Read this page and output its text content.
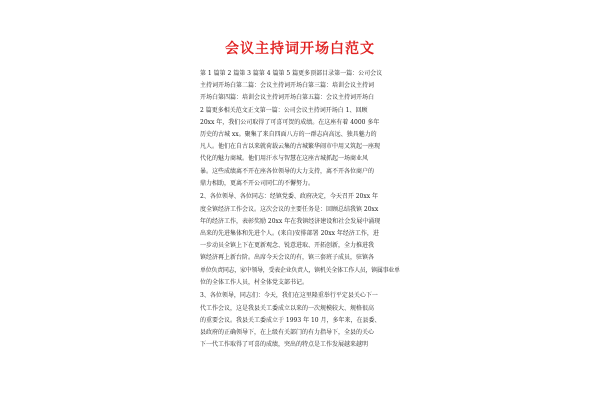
会议主持词开场白范文
第 1 篇第 2 篇第 3 篇第 4 篇第 5 篇更多顶部目录第一篇：公司会议
主持词开场白第二篇：会议主持词开场白第三篇：培训会议主持词
开场白第四篇：培训会议主持词开场白第五篇：会议主持词开场白
2 篇更多相关范文正文第一篇：公司会议主持词开场白 1、回顾
20xx 年，我们公司取得了可喜可贺的成绩。在这座有着 4000 多年
历史的古城 xx。聚集了来自四面八方的一群志向高远、独具魅力的
凡人。他们在自古以来就荷载云集的古城繁华闹市中用又筑起一座现
代化的魅力商城。他们用汗水与智慧在这座古城抓起一场商业风
暴。这些成绩离不开在座各位领导的大力支持，离不开各位商户的
鼎力相助，更离不开公司同仁的不懈努力。
2、各位领导、各位同志：经镇党委、政府决定，今天召开 20xx 年
度全镇经济工作会议。这次会议的主要任务是：回顾总结我镇 20xx
年的经济工作，表彰奖励 20xx 年在我镇经济建设和社会发展中涌现
出来的先进集体和先进个人。(来自)安排部署 20xx 年经济工作，进
一步动员全镇上下在更新观念、锐意进取、开拓创新，全力推进我
镇经济再上新台阶。出席今天会议的有，镇三套班子成员，驻镇各
单位负责同志，家中领导，受表企业负责人，镇机关全体工作人员，镇属事业单
位的全体工作人员，村全体党支部书记。
3、各位领导，同志们：今天，我们在这里隆重举行平定县关心下一
代工作会议，这是我县关工委成立以来的一次规模较大、规格很高
的重要会议。我县关工委成立于 1993 年 10 月，多年来，在县委、
县政府的正确领导下，在上级有关部门的有力指导下，全县的关心
下一代工作取得了可喜的成绩，突出的特点是工作发展越来越明
